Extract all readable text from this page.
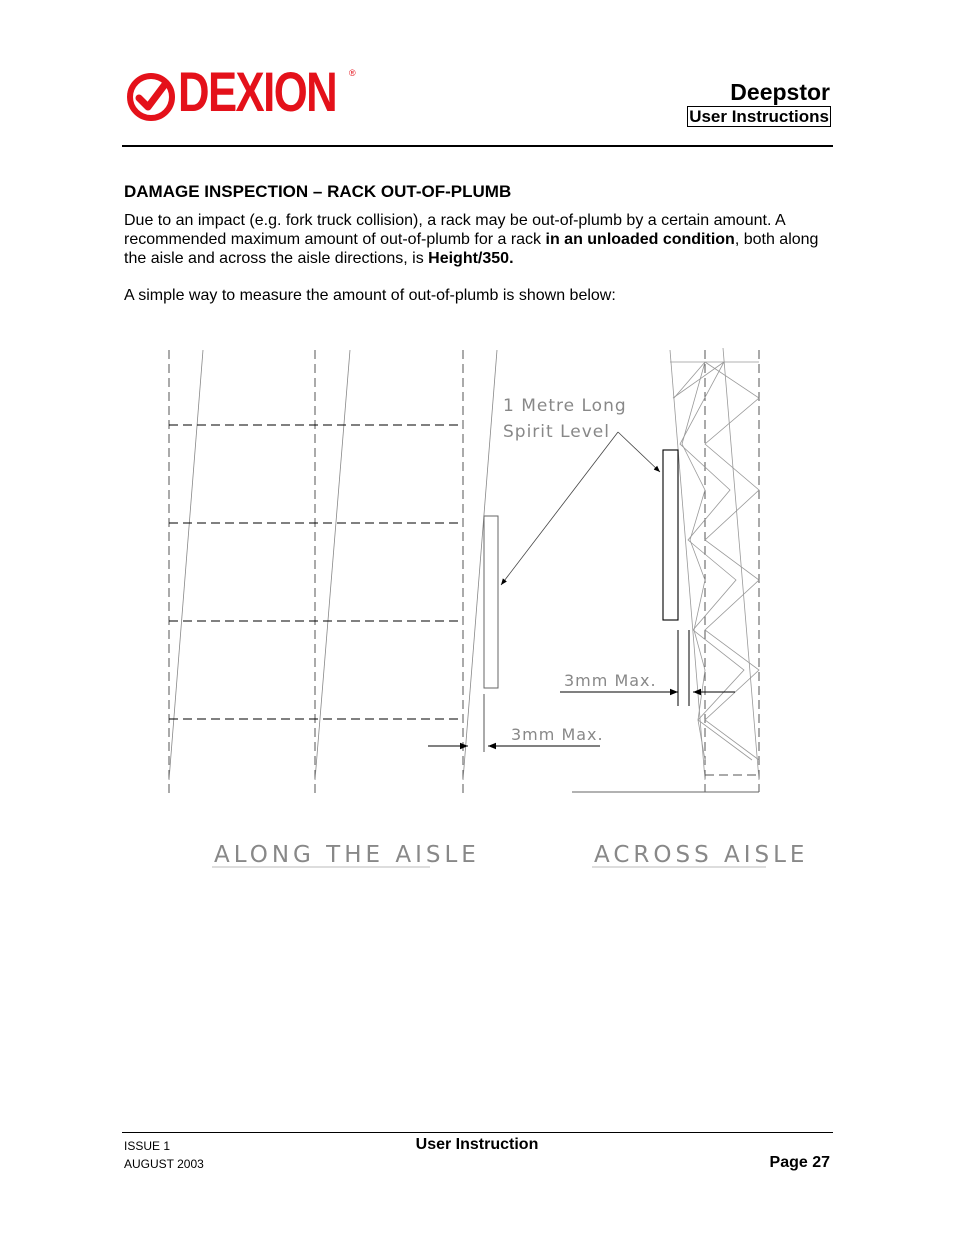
DEXION ®
Deepstor
User Instructions
DAMAGE INSPECTION – RACK OUT-OF-PLUMB

Due to an impact (e.g. fork truck collision), a rack may be out-of-plumb by a certain amount. A recommended maximum amount of out-of-plumb for a rack in an unloaded condition, both along the aisle and across the aisle directions, is Height/350.

A simple way to measure the amount of out-of-plumb is shown below:

1 Metre Long
Spirit Level
3mm Max.
3mm Max.
ALONG THE AISLE	ACROSS AISLE
ISSUE 1
AUGUST 2003
User Instruction
Page 27
